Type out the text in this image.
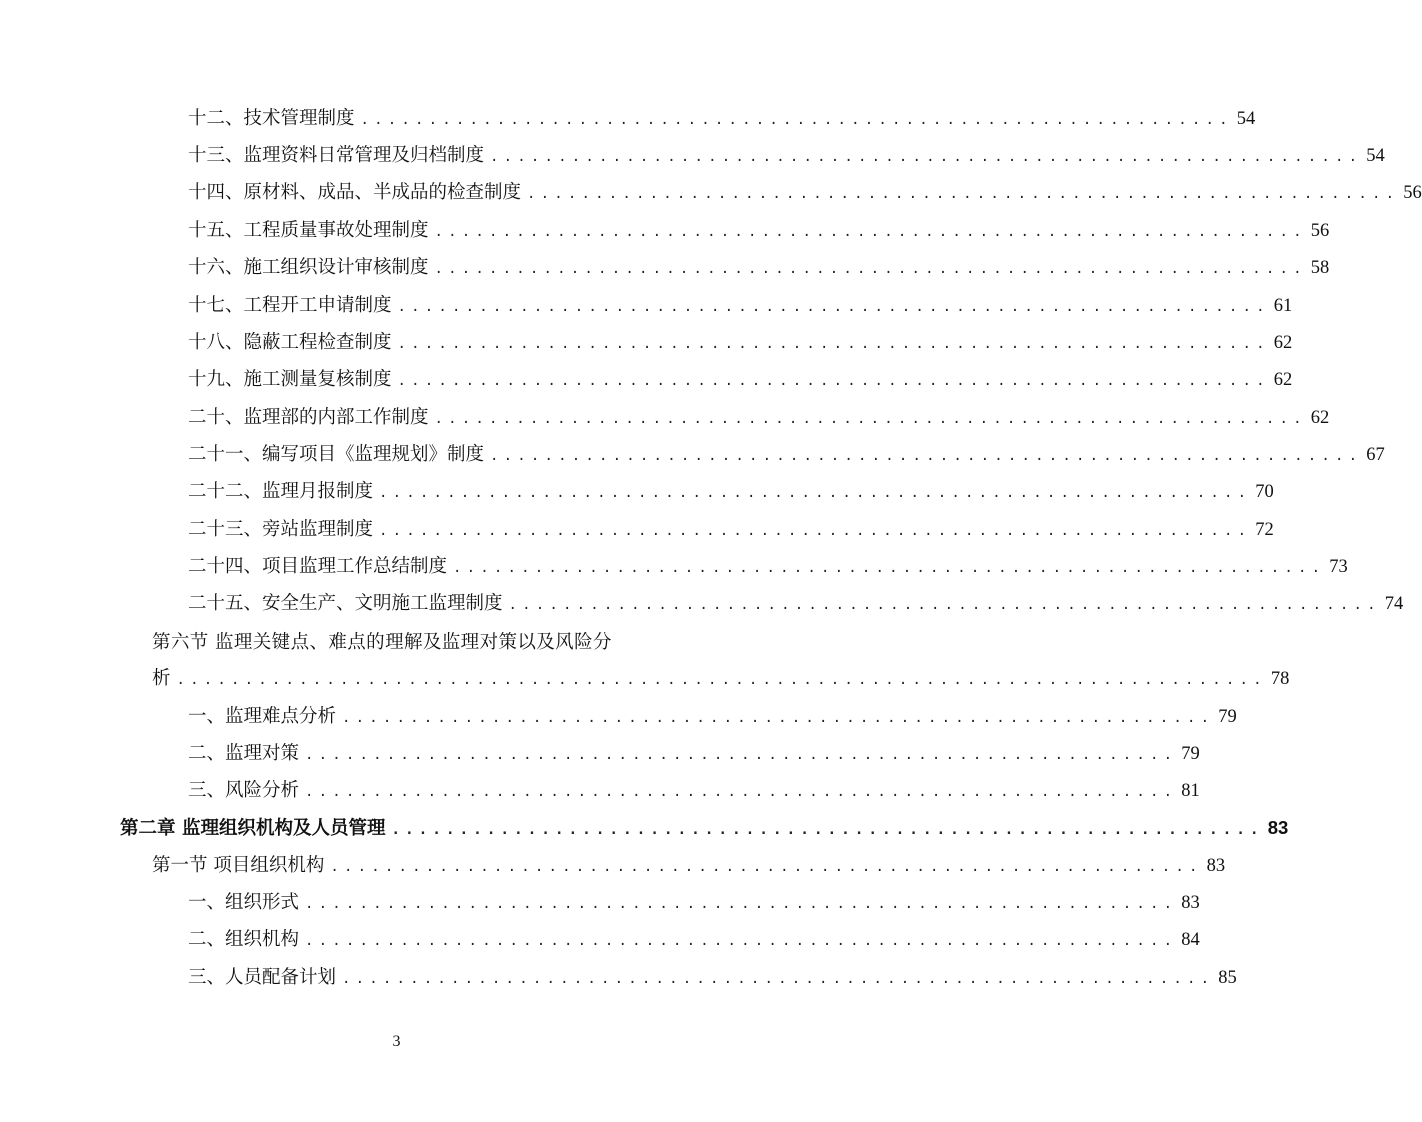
十二、技术管理制度 ................................................................ 54
十三、监理资料日常管理及归档制度 ................................................................ 54
十四、原材料、成品、半成品的检查制度 ................................................................ 56
十五、工程质量事故处理制度 ................................................................ 56
十六、施工组织设计审核制度 ................................................................ 58
十七、工程开工申请制度 ................................................................ 61
十八、隐蔽工程检查制度 ................................................................ 62
十九、施工测量复核制度 ................................................................ 62
二十、监理部的内部工作制度 ................................................................ 62
二十一、编写项目《监理规划》制度 ................................................................ 67
二十二、监理月报制度 ................................................................ 70
二十三、旁站监理制度 ................................................................ 72
二十四、项目监理工作总结制度 ................................................................ 73
二十五、安全生产、文明施工监理制度 ................................................................ 74
第六节 监理关键点、难点的理解及监理对策以及风险分
析 ................................................................................ 78
一、监理难点分析 ................................................................ 79
二、监理对策 ................................................................ 79
三、风险分析 ................................................................ 81
第二章 监理组织机构及人员管理 ................................................................ 83
第一节 项目组织机构 ................................................................ 83
一、组织形式 ................................................................ 83
二、组织机构 ................................................................ 84
三、人员配备计划 ................................................................ 85
3
